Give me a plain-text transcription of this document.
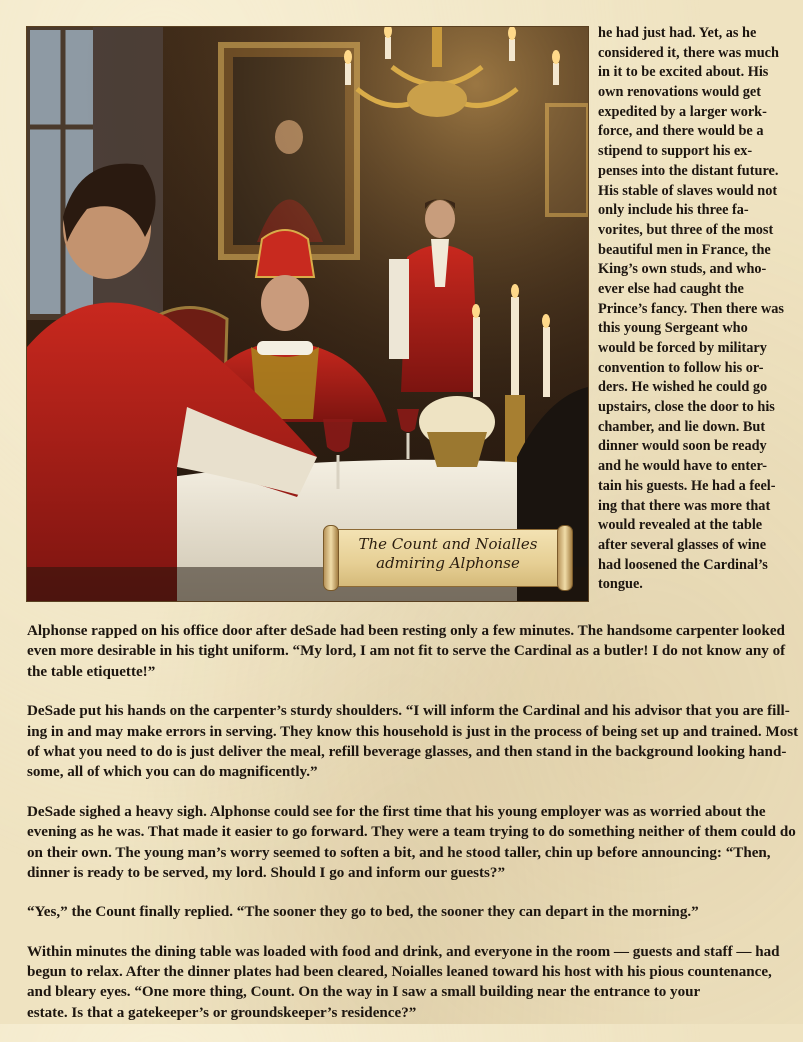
The Count and Noialles
admiring Alphonse
he had just had. Yet, as he
considered it, there was much
in it to be excited about. His
own renovations would get
expedited by a larger work-
force, and there would be a
stipend to support his ex-
penses into the distant future.
His stable of slaves would not
only include his three fa-
vorites, but three of the most
beautiful men in France, the
King’s own studs, and who-
ever else had caught the
Prince’s fancy. Then there was
this young Sergeant who
would be forced by military
convention to follow his or-
ders. He wished he could go
upstairs, close the door to his
chamber, and lie down. But
dinner would soon be ready
and he would have to enter-
tain his guests. He had a feel-
ing that there was more that
would revealed at the table
after several glasses of wine
had loosened the Cardinal’s
tongue.
Alphonse rapped on his office door after deSade had been resting only a few minutes. The handsome carpenter looked
even more desirable in his tight uniform. “My lord, I am not fit to serve the Cardinal as a butler! I do not know any of
the table etiquette!”
DeSade put his hands on the carpenter’s sturdy shoulders. “I will inform the Cardinal and his advisor that you are fill-
ing in and may make errors in serving. They know this household is just in the process of being set up and trained. Most
of what you need to do is just deliver the meal, refill beverage glasses, and then stand in the background looking hand-
some, all of which you can do magnificently.”
DeSade sighed a heavy sigh. Alphonse could see for the first time that his young employer was as worried about the
evening as he was. That made it easier to go forward. They were a team trying to do something neither of them could do
on their own. The young man’s worry seemed to soften a bit, and he stood taller, chin up before announcing: “Then,
dinner is ready to be served, my lord. Should I go and inform our guests?”
“Yes,” the Count finally replied. “The sooner they go to bed, the sooner they can depart in the morning.”
Within minutes the dining table was loaded with food and drink, and everyone in the room — guests and staff — had
begun to relax. After the dinner plates had been cleared, Noialles leaned toward his host with his pious countenance,
and bleary eyes. “One more thing, Count. On the way in I saw a small building near the entrance to your
estate. Is that a gatekeeper’s or groundskeeper’s residence?”
